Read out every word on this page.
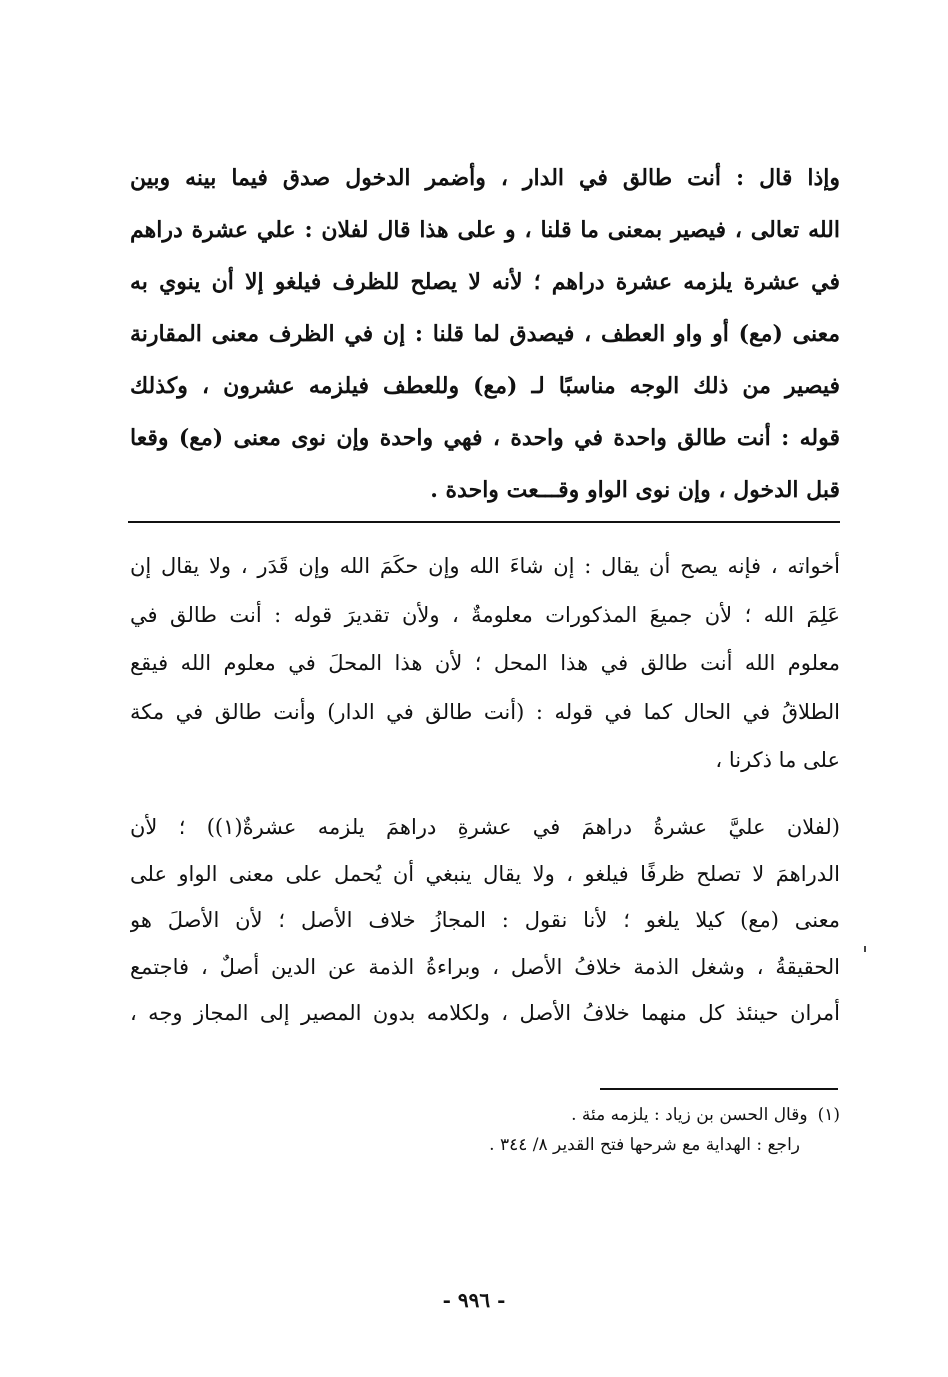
وإذا قال : أنت طالق في الدار ، وأضمر الدخول صدق فيما بينه وبين
الله تعالى ، فيصير بمعنى ما قلنا ، و على هذا قال لفلان : علي عشرة دراهم
في عشرة يلزمه عشرة دراهم ؛ لأنه لا يصلح للظرف فيلغو إلا أن ينوي به
معنى (مع) أو واو العطف ، فيصدق لما قلنا : إن في الظرف معنى المقارنة
فيصير من ذلك الوجه مناسبًا لـ (مع) وللعطف فيلزمه عشرون ، وكذلك
قوله : أنت طالق واحدة في واحدة ، فهي واحدة وإن نوى معنى (مع) وقعا
قبل الدخول ، وإن نوى الواو وقـــعت واحدة .
أخواته ، فإنه يصح أن يقال : إن شاءَ الله وإن حكَمَ الله وإن قَدَر ، ولا يقال إن
عَلِمَ الله ؛ لأن جميعَ المذكورات معلومةٌ ، ولأن تقديرَ قوله : أنت طالق في
معلوم الله أنت طالق في هذا المحل ؛ لأن هذا المحلَ في معلوم الله فيقع
الطلاقُ في الحال كما في قوله : (أنت طالق في الدار) وأنت طالق في مكة
على ما ذكرنا ،
(لفلان عليَّ عشرةُ دراهمَ في عشرةِ دراهمَ يلزمه عشرةٌ(١)) ؛ لأن
الدراهمَ لا تصلح ظرفًا فيلغو ، ولا يقال ينبغي أن يُحمل على معنى الواو على
معنى (مع) كيلا يلغو ؛ لأنا نقول : المجازُ خلاف الأصل ؛ لأن الأصلَ هو
الحقيقةُ ، وشغل الذمة خلافُ الأصل ، وبراءةُ الذمة عن الدين أصلٌ ، فاجتمع
أمران حينئذ كل منهما خلافُ الأصل ، ولكلامه بدون المصير إلى المجاز وجه ،
(١)وقال الحسن بن زياد : يلزمه مئة .
راجع : الهداية مع شرحها فتح القدير ٨/ ٣٤٤ .
- ٩٩٦ -
